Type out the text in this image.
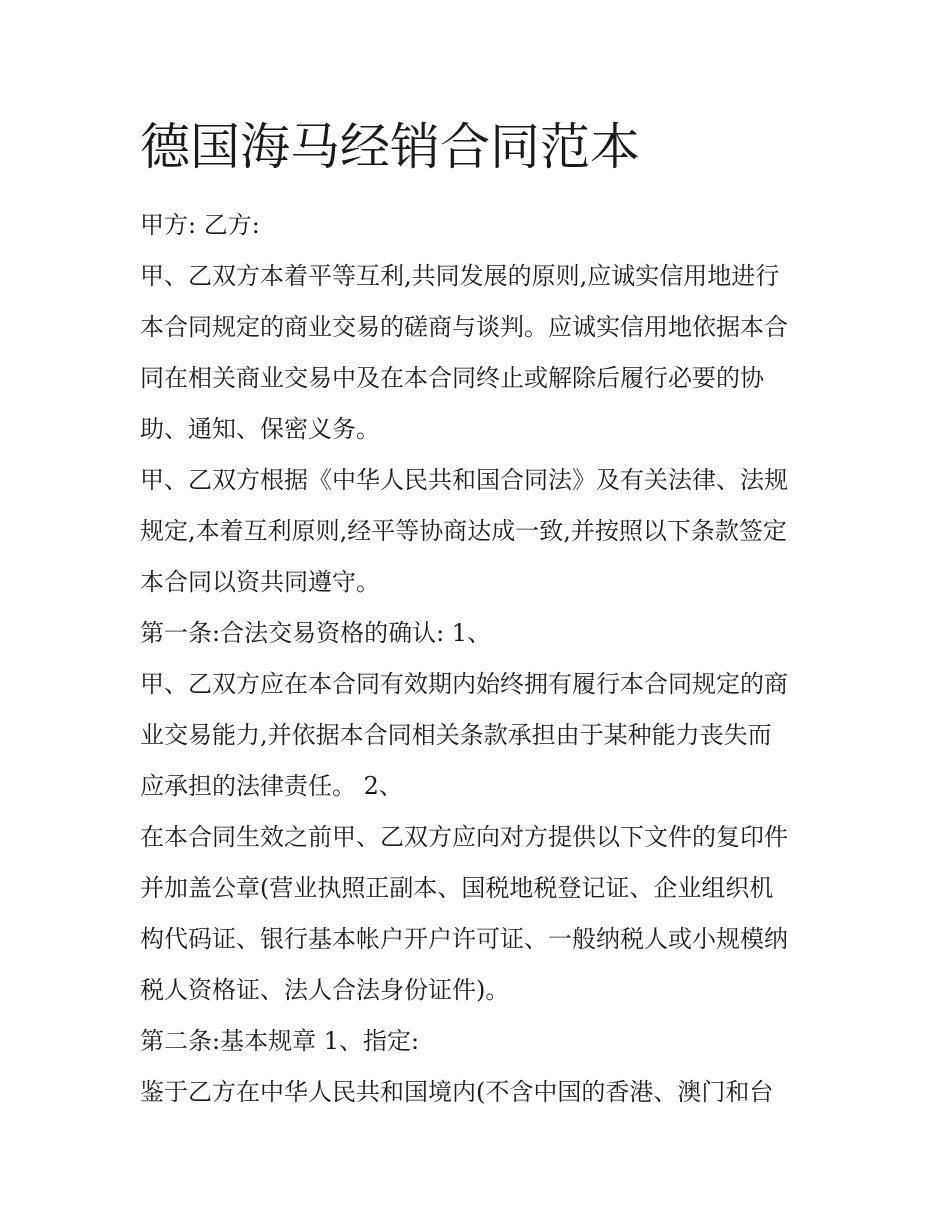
德国海马经销合同范本
甲方: 乙方:
甲、乙双方本着平等互利,共同发展的原则,应诚实信用地进行
本合同规定的商业交易的磋商与谈判。应诚实信用地依据本合
同在相关商业交易中及在本合同终止或解除后履行必要的协
助、通知、保密义务。
甲、乙双方根据《中华人民共和国合同法》及有关法律、法规
规定,本着互利原则,经平等协商达成一致,并按照以下条款签定
本合同以资共同遵守。
第一条:合法交易资格的确认: 1、
甲、乙双方应在本合同有效期内始终拥有履行本合同规定的商
业交易能力,并依据本合同相关条款承担由于某种能力丧失而
应承担的法律责任。 2、
在本合同生效之前甲、乙双方应向对方提供以下文件的复印件
并加盖公章(营业执照正副本、国税地税登记证、企业组织机
构代码证、银行基本帐户开户许可证、一般纳税人或小规模纳
税人资格证、法人合法身份证件)。
第二条:基本规章 1、指定:
鉴于乙方在中华人民共和国境内(不含中国的香港、澳门和台
